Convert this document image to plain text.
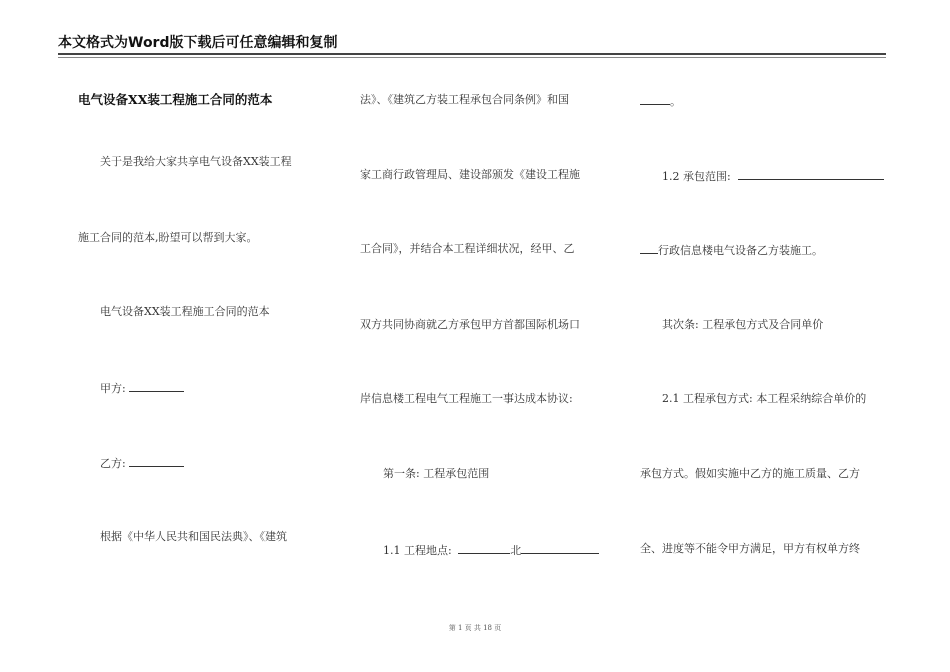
本文格式为Word版下载后可任意编辑和复制
电气设备XX装工程施工合同的范本
关于是我给大家共享电气设备XX装工程
施工合同的范本,盼望可以帮到大家。
电气设备XX装工程施工合同的范本
甲方:
乙方:
根据《中华人民共和国民法典》、《建筑
法》、《建筑乙方装工程承包合同条例》和国
家工商行政管理局、建设部颁发《建设工程施
工合同》，并结合本工程详细状况，经甲、乙
双方共同协商就乙方承包甲方首都国际机场口
岸信息楼工程电气工程施工一事达成本协议:
第一条: 工程承包范围
1.1 工程地点:	北
。
1.2 承包范围:
行政信息楼电气设备乙方装施工。
其次条: 工程承包方式及合同单价
2.1 工程承包方式: 本工程采纳综合单价的
承包方式。假如实施中乙方的施工质量、乙方
全、进度等不能令甲方满足，甲方有权单方终
第 1 页 共 18 页
